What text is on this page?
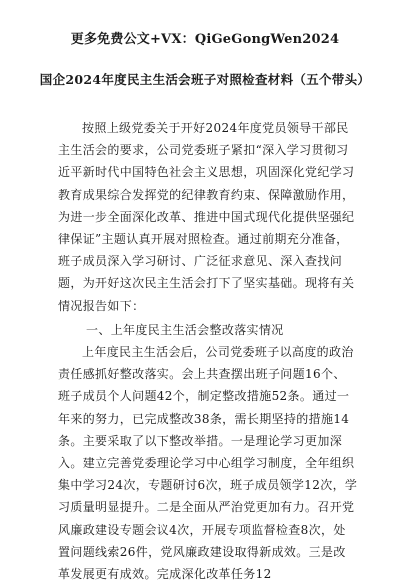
更多免费公文+VX：QiGeGongWen2024
国企2024年度民主生活会班子对照检查材料（五个带头）

按照上级党委关于开好2024年度党员领导干部民主生活会的要求，公司党委班子紧扣“深入学习贯彻习近平新时代中国特色社会主义思想，巩固深化党纪学习教育成果综合发挥党的纪律教育约束、保障激励作用，为进一步全面深化改革、推进中国式现代化提供坚强纪律保证”主题认真开展对照检查。通过前期充分准备，班子成员深入学习研讨、广泛征求意见、深入查找问题，为开好这次民主生活会打下了坚实基础。现将有关情况报告如下：

一、上年度民主生活会整改落实情况

上年度民主生活会后，公司党委班子以高度的政治责任感抓好整改落实。会上共查摆出班子问题16个、班子成员个人问题42个，制定整改措施52条。通过一年来的努力，已完成整改38条，需长期坚持的措施14条。主要采取了以下整改举措。一是理论学习更加深入。建立完善党委理论学习中心组学习制度，全年组织集中学习24次，专题研讨6次，班子成员领学12次，学习质量明显提升。二是全面从严治党更加有力。召开党风廉政建设专题会议4次，开展专项监督检查8次，处置问题线索26件，党风廉政建设取得新成效。三是改革发展更有成效。完成深化改革任务12
